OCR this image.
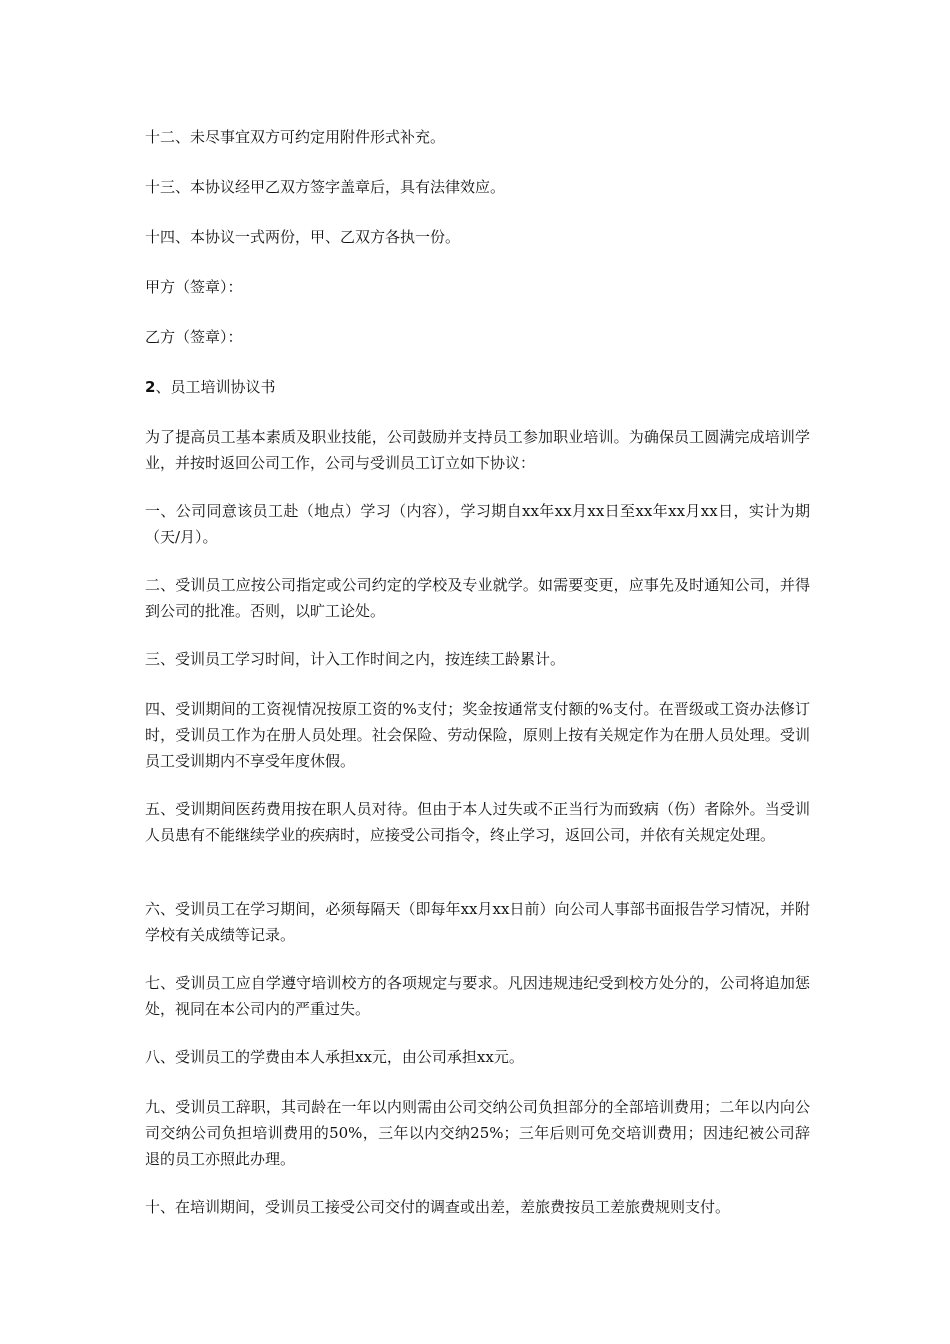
十二、未尽事宜双方可约定用附件形式补充。

十三、本协议经甲乙双方签字盖章后，具有法律效应。

十四、本协议一式两份，甲、乙双方各执一份。

甲方（签章）：

乙方（签章）：

2、员工培训协议书

为了提高员工基本素质及职业技能，公司鼓励并支持员工参加职业培训。为确保员工圆满完成培训学业，并按时返回公司工作，公司与受训员工订立如下协议：

一、公司同意该员工赴（地点）学习（内容），学习期自xx年xx月xx日至xx年xx月xx日，实计为期（天/月）。

二、受训员工应按公司指定或公司约定的学校及专业就学。如需要变更，应事先及时通知公司，并得到公司的批准。否则，以旷工论处。

三、受训员工学习时间，计入工作时间之内，按连续工龄累计。

四、受训期间的工资视情况按原工资的%支付；奖金按通常支付额的%支付。在晋级或工资办法修订时，受训员工作为在册人员处理。社会保险、劳动保险，原则上按有关规定作为在册人员处理。受训员工受训期内不享受年度休假。

五、受训期间医药费用按在职人员对待。但由于本人过失或不正当行为而致病（伤）者除外。当受训人员患有不能继续学业的疾病时，应接受公司指令，终止学习，返回公司，并依有关规定处理。

六、受训员工在学习期间，必须每隔天（即每年xx月xx日前）向公司人事部书面报告学习情况，并附学校有关成绩等记录。

七、受训员工应自学遵守培训校方的各项规定与要求。凡因违规违纪受到校方处分的，公司将追加惩处，视同在本公司内的严重过失。

八、受训员工的学费由本人承担xx元，由公司承担xx元。

九、受训员工辞职，其司龄在一年以内则需由公司交纳公司负担部分的全部培训费用；二年以内向公司交纳公司负担培训费用的50%，三年以内交纳25%；三年后则可免交培训费用；因违纪被公司辞退的员工亦照此办理。

十、在培训期间，受训员工接受公司交付的调查或出差，差旅费按员工差旅费规则支付。
